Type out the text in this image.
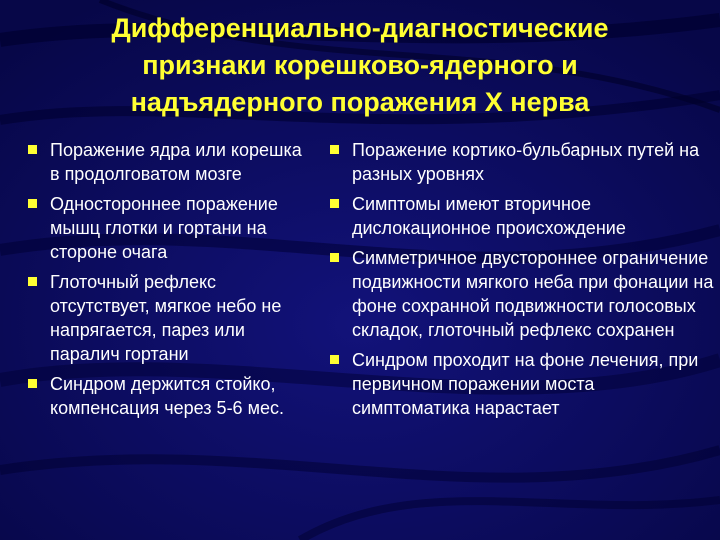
Дифференциально-диагностические
признаки корешково-ядерного и
надъядерного поражения X нерва
Поражение ядра или корешка в продолговатом мозге
Одностороннее поражение мышц глотки и гортани на стороне очага
Глоточный рефлекс отсутствует, мягкое небо не напрягается, парез или паралич гортани
Синдром держится стойко, компенсация через 5-6 мес.
Поражение кортико-бульбарных путей на разных уровнях
Симптомы имеют вторичное дислокационное происхождение
Симметричное двустороннее ограничение подвижности мягкого неба при фонации на фоне сохранной подвижности голосовых складок, глоточный рефлекс сохранен
Синдром проходит на фоне лечения, при первичном поражении моста симптоматика нарастает
